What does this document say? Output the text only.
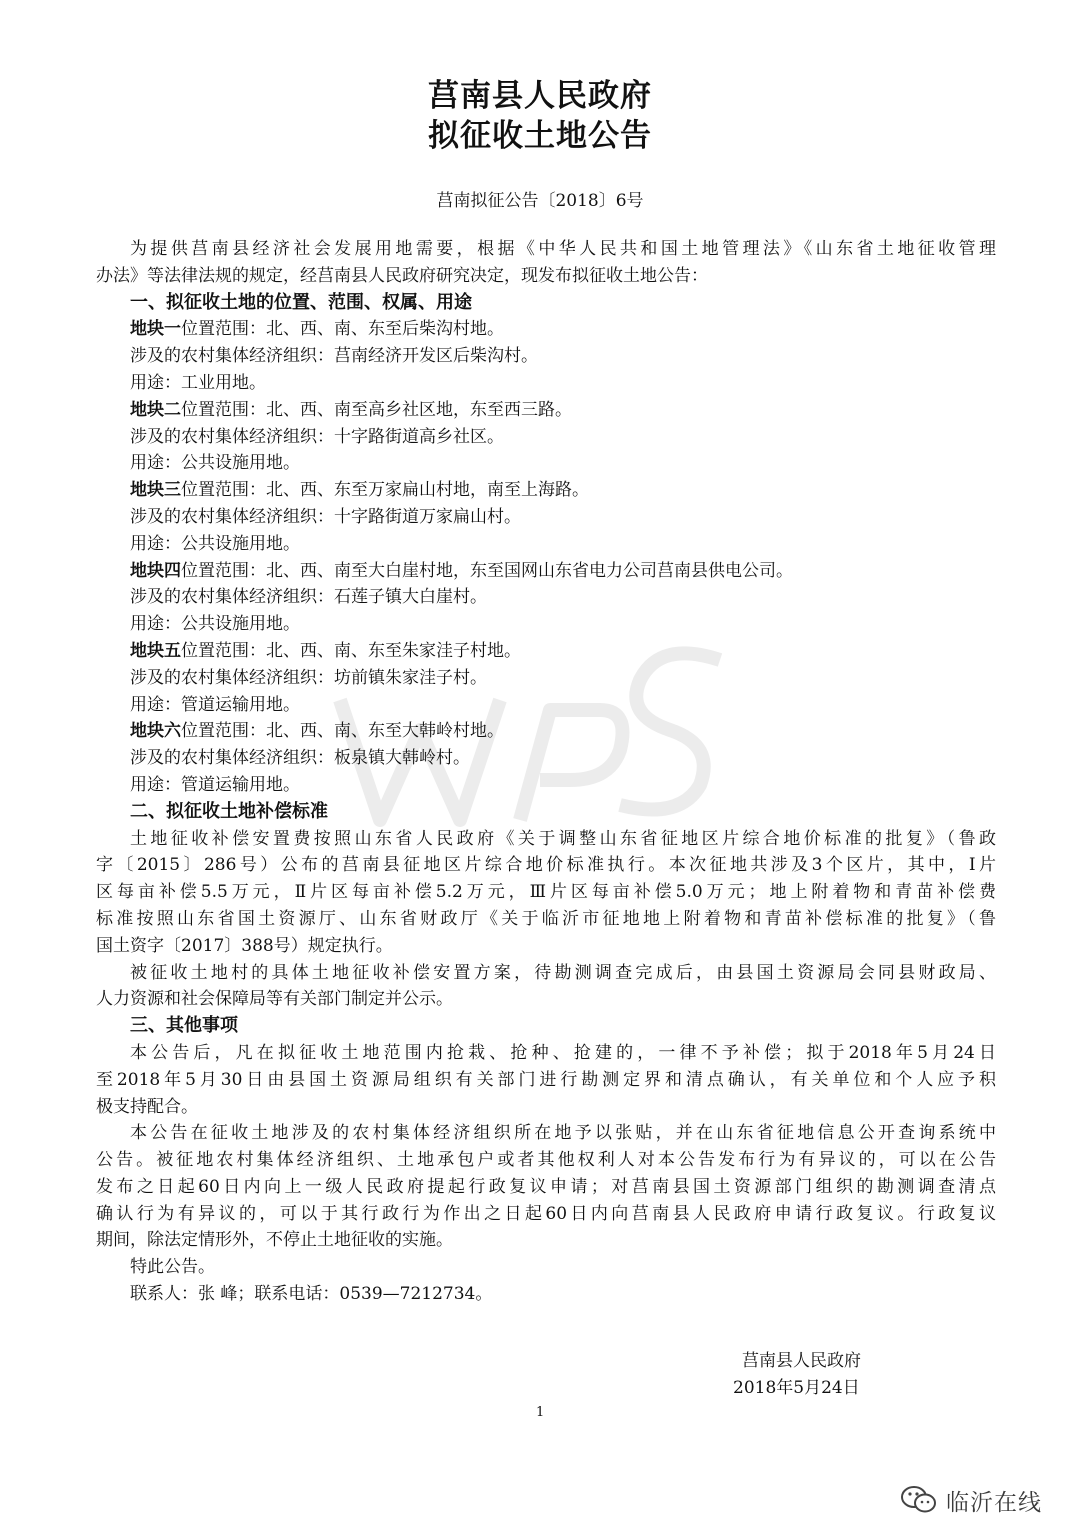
莒南县人民政府
拟征收土地公告
莒南拟征公告〔2018〕6号
为提供莒南县经济社会发展用地需要，根据《中华人民共和国土地管理法》《山东省土地征收管理
办法》等法律法规的规定，经莒南县人民政府研究决定，现发布拟征收土地公告：
一、拟征收土地的位置、范围、权属、用途
地块一位置范围：北、西、南、东至后柴沟村地。
涉及的农村集体经济组织：莒南经济开发区后柴沟村。
用途：工业用地。
地块二位置范围：北、西、南至高乡社区地，东至西三路。
涉及的农村集体经济组织：十字路街道高乡社区。
用途：公共设施用地。
地块三位置范围：北、西、东至万家扁山村地，南至上海路。
涉及的农村集体经济组织：十字路街道万家扁山村。
用途：公共设施用地。
地块四位置范围：北、西、南至大白崖村地，东至国网山东省电力公司莒南县供电公司。
涉及的农村集体经济组织：石莲子镇大白崖村。
用途：公共设施用地。
地块五位置范围：北、西、南、东至朱家洼子村地。
涉及的农村集体经济组织：坊前镇朱家洼子村。
用途：管道运输用地。
地块六位置范围：北、西、南、东至大韩岭村地。
涉及的农村集体经济组织：板泉镇大韩岭村。
用途：管道运输用地。
二、拟征收土地补偿标准
土地征收补偿安置费按照山东省人民政府《关于调整山东省征地区片综合地价标准的批复》（鲁政
字〔2015〕286号）公布的莒南县征地区片综合地价标准执行。本次征地共涉及3个区片，其中，Ⅰ片
区每亩补偿5.5万元，Ⅱ片区每亩补偿5.2万元，Ⅲ片区每亩补偿5.0万元；地上附着物和青苗补偿费
标准按照山东省国土资源厅、山东省财政厅《关于临沂市征地地上附着物和青苗补偿标准的批复》（鲁
国土资字〔2017〕388号）规定执行。
被征收土地村的具体土地征收补偿安置方案，待勘测调查完成后，由县国土资源局会同县财政局、
人力资源和社会保障局等有关部门制定并公示。
三、其他事项
本公告后，凡在拟征收土地范围内抢栽、抢种、抢建的，一律不予补偿；拟于2018年5月24日
至2018年5月30日由县国土资源局组织有关部门进行勘测定界和清点确认，有关单位和个人应予积
极支持配合。
本公告在征收土地涉及的农村集体经济组织所在地予以张贴，并在山东省征地信息公开查询系统中
公告。被征地农村集体经济组织、土地承包户或者其他权利人对本公告发布行为有异议的，可以在公告
发布之日起60日内向上一级人民政府提起行政复议申请；对莒南县国土资源部门组织的勘测调查清点
确认行为有异议的，可以于其行政行为作出之日起60日内向莒南县人民政府申请行政复议。行政复议
期间，除法定情形外，不停止土地征收的实施。
特此公告。
联系人：张 峰；联系电话：0539—7212734。
莒南县人民政府
2018年5月24日
1
临沂在线
